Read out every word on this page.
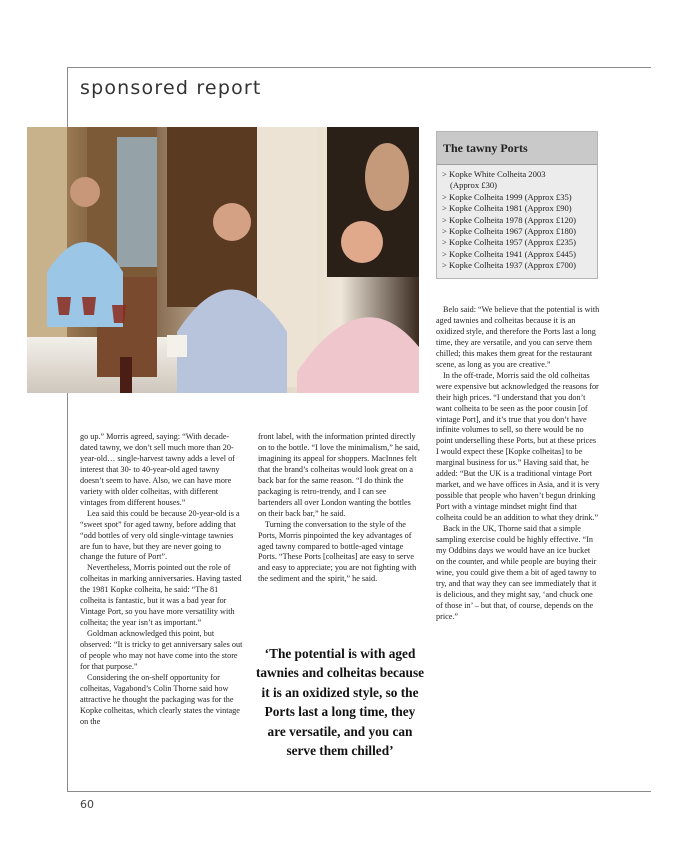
sponsored report
The tawny Ports
> Kopke White Colheita 2003
(Approx £30)
> Kopke Colheita 1999 (Approx £35)
> Kopke Colheita 1981 (Approx £90)
> Kopke Colheita 1978 (Approx £120)
> Kopke Colheita 1967 (Approx £180)
> Kopke Colheita 1957 (Approx £235)
> Kopke Colheita 1941 (Approx £445)
> Kopke Colheita 1937 (Approx £700)

go up.” Morris agreed, saying: “With decade-dated tawny, we don’t sell much more than 20-year-old… single-harvest tawny adds a level of interest that 30- to 40-year-old aged tawny doesn’t seem to have. Also, we can have more variety with older colheitas, with different vintages from different houses.”

Lea said this could be because 20-year-old is a “sweet spot” for aged tawny, before adding that “odd bottles of very old single-vintage tawnies are fun to have, but they are never going to change the future of Port”.

Nevertheless, Morris pointed out the role of colheitas in marking anniversaries. Having tasted the 1981 Kopke colheita, he said: “The 81 colheita is fantastic, but it was a bad year for Vintage Port, so you have more versatility with colheita; the year isn’t as important.”

Goldman acknowledged this point, but observed: “It is tricky to get anniversary sales out of people who may not have come into the store for that purpose.”

Considering the on-shelf opportunity for colheitas, Vagabond’s Colin Thorne said how attractive he thought the packaging was for the Kopke colheitas, which clearly states the vintage on the

front label, with the information printed directly on to the bottle. “I love the minimalism,” he said, imagining its appeal for shoppers. MacInnes felt that the brand’s colheitas would look great on a back bar for the same reason. “I do think the packaging is retro-trendy, and I can see bartenders all over London wanting the bottles on their back bar,” he said.

Turning the conversation to the style of the Ports, Morris pinpointed the key advantages of aged tawny compared to bottle-aged vintage Ports. “These Ports [colheitas] are easy to serve and easy to appreciate; you are not fighting with the sediment and the spirit,” he said.

‘The potential is with aged tawnies and colheitas because it is an oxidized style, so the Ports last a long time, they are versatile, and you can serve them chilled’

Belo said: “We believe that the potential is with aged tawnies and colheitas because it is an oxidized style, and therefore the Ports last a long time, they are versatile, and you can serve them chilled; this makes them great for the restaurant scene, as long as you are creative.”

In the off-trade, Morris said the old colheitas were expensive but acknowledged the reasons for their high prices. “I understand that you don’t want colheita to be seen as the poor cousin [of vintage Port], and it’s true that you don’t have infinite volumes to sell, so there would be no point underselling these Ports, but at these prices I would expect these [Kopke colheitas] to be marginal business for us.” Having said that, he added: “But the UK is a traditional vintage Port market, and we have offices in Asia, and it is very possible that people who haven’t begun drinking Port with a vintage mindset might find that colheita could be an addition to what they drink.”

Back in the UK, Thorne said that a simple sampling exercise could be highly effective. “In my Oddbins days we would have an ice bucket on the counter, and while people are buying their wine, you could give them a bit of aged tawny to try, and that way they can see immediately that it is delicious, and they might say, ‘and chuck one of those in’ – but that, of course, depends on the price.”

60
